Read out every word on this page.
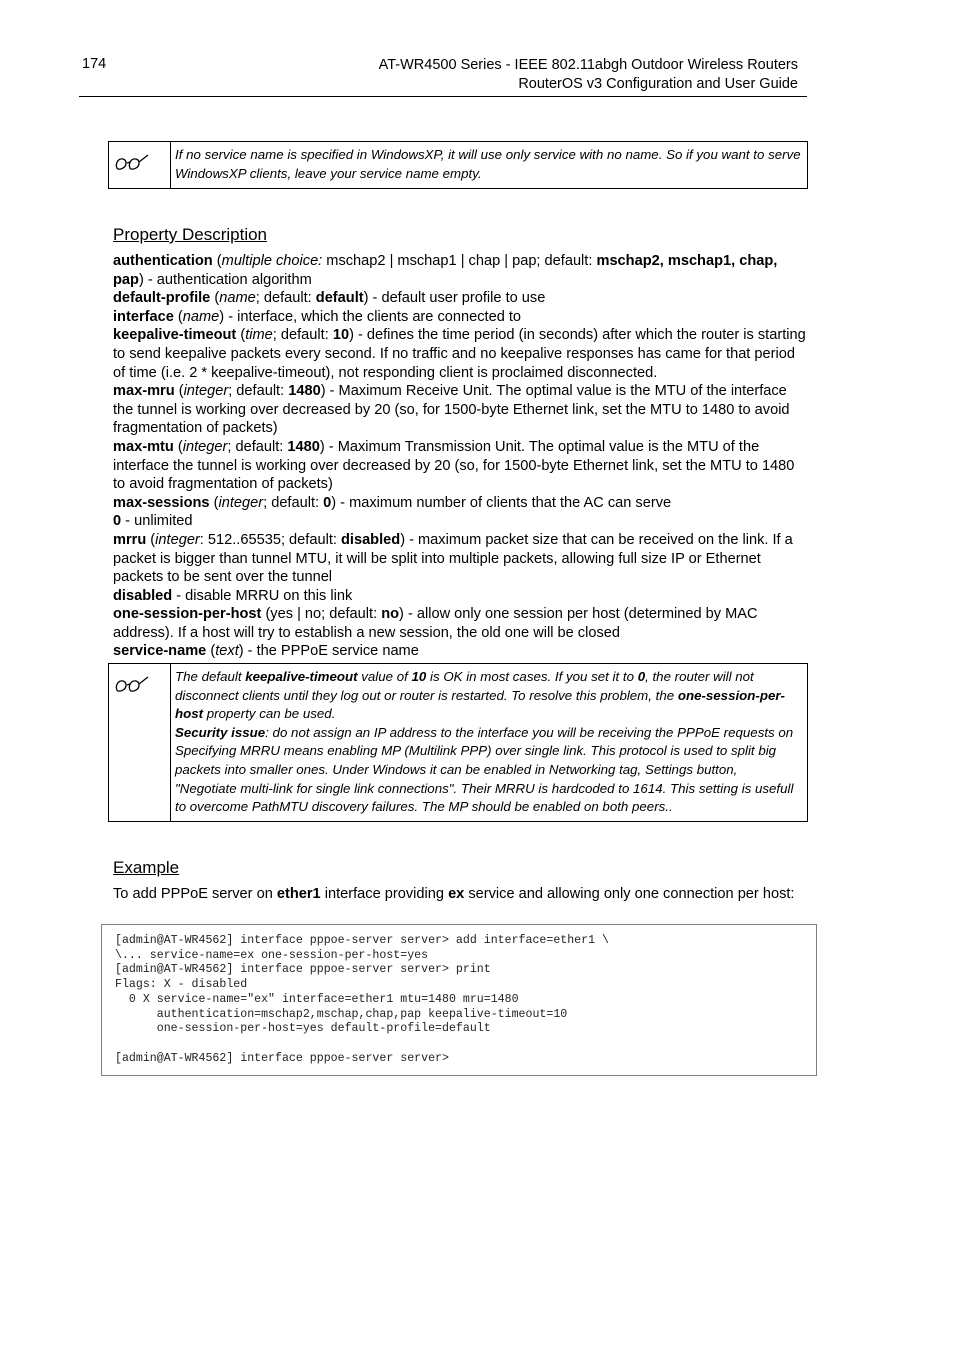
174	AT-WR4500 Series - IEEE 802.11abgh Outdoor Wireless Routers
RouterOS v3 Configuration and User Guide
If no service name is specified in WindowsXP, it will use only service with no name. So if you want to serve WindowsXP clients, leave your service name empty.
Property Description

authentication (multiple choice: mschap2 | mschap1 | chap | pap; default: mschap2, mschap1, chap, pap) - authentication algorithm

default-profile (name; default: default) - default user profile to use

interface (name) - interface, which the clients are connected to

keepalive-timeout (time; default: 10) - defines the time period (in seconds) after which the router is starting to send keepalive packets every second. If no traffic and no keepalive responses has came for that period of time (i.e. 2 * keepalive-timeout), not responding client is proclaimed disconnected.

max-mru (integer; default: 1480) - Maximum Receive Unit. The optimal value is the MTU of the interface the tunnel is working over decreased by 20 (so, for 1500-byte Ethernet link, set the MTU to 1480 to avoid fragmentation of packets)

max-mtu (integer; default: 1480) - Maximum Transmission Unit. The optimal value is the MTU of the interface the tunnel is working over decreased by 20 (so, for 1500-byte Ethernet link, set the MTU to 1480 to avoid fragmentation of packets)

max-sessions (integer; default: 0) - maximum number of clients that the AC can serve

0 - unlimited

mrru (integer: 512..65535; default: disabled) - maximum packet size that can be received on the link. If a packet is bigger than tunnel MTU, it will be split into multiple packets, allowing full size IP or Ethernet packets to be sent over the tunnel

disabled - disable MRRU on this link

one-session-per-host (yes | no; default: no) - allow only one session per host (determined by MAC address). If a host will try to establish a new session, the old one will be closed

service-name (text) - the PPPoE service name

The default keepalive-timeout value of 10 is OK in most cases. If you set it to 0, the router will not disconnect clients until they log out or router is restarted. To resolve this problem, the one-session-per-host property can be used.
Security issue: do not assign an IP address to the interface you will be receiving the PPPoE requests on Specifying MRRU means enabling MP (Multilink PPP) over single link. This protocol is used to split big packets into smaller ones. Under Windows it can be enabled in Networking tag, Settings button, "Negotiate multi-link for single link connections". Their MRRU is hardcoded to 1614. This setting is usefull to overcome PathMTU discovery failures. The MP should be enabled on both peers..
Example
To add PPPoE server on ether1 interface providing ex service and allowing only one connection per host:
[admin@AT-WR4562] interface pppoe-server server> add interface=ether1 \
\... service-name=ex one-session-per-host=yes
[admin@AT-WR4562] interface pppoe-server server> print
Flags: X - disabled
0 X service-name="ex" interface=ether1 mtu=1480 mru=1480
authentication=mschap2,mschap,chap,pap keepalive-timeout=10
one-session-per-host=yes default-profile=default

[admin@AT-WR4562] interface pppoe-server server>
